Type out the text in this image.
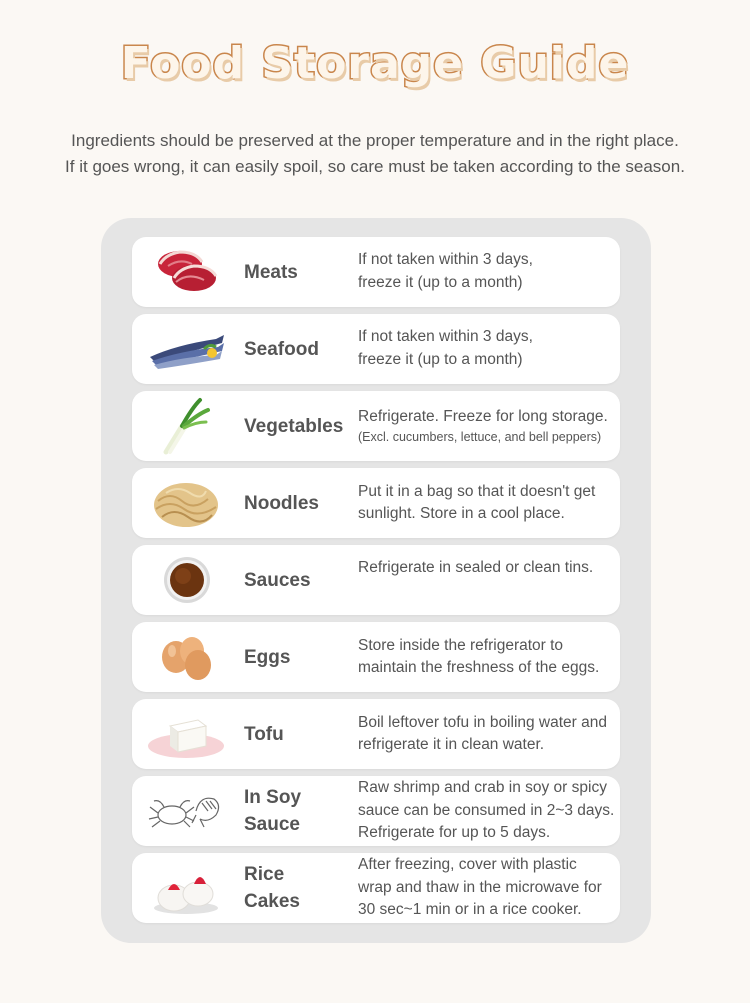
Food Storage Guide

Ingredients should be preserved at the proper temperature and in the right place.

If it goes wrong, it can easily spoil, so care must be taken according to the season.

Meats
If not taken within 3 days,
freeze it (up to a month)
Seafood
If not taken within 3 days,
freeze it (up to a month)
Vegetables Refrigerate. Freeze for long storage.
(Excl. cucumbers, lettuce, and bell peppers)
Noodles
Put it in a bag so that it doesn't get
sunlight. Store in a cool place.
Sauces
Refrigerate in sealed or clean tins.
Eggs
Store inside the refrigerator to
maintain the freshness of the eggs.
Tofu
Boil leftover tofu in boiling water and
refrigerate it in clean water.
In Soy
Sauce
Raw shrimp and crab in soy or spicy
sauce can be consumed in 2~3 days.
Refrigerate for up to 5 days.
Rice
Cakes
After freezing, cover with plastic
wrap and thaw in the microwave for
30 sec~1 min or in a rice cooker.
